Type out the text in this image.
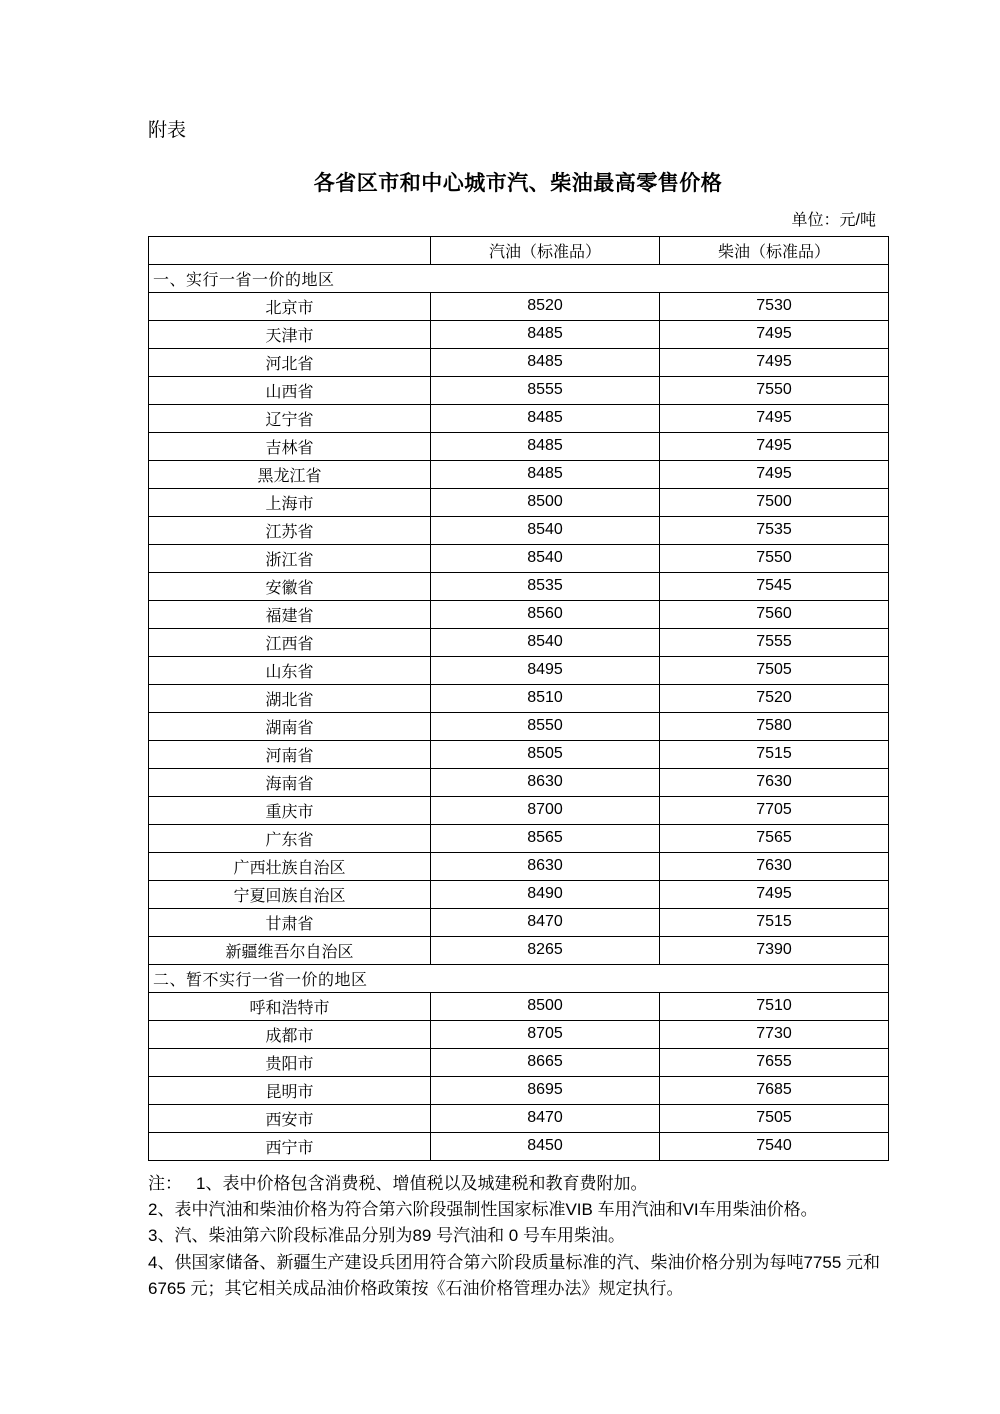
附表
各省区市和中心城市汽、柴油最高零售价格
单位：元/吨
	汽油（标准品）	柴油（标准品）
一、实行一省一价的地区		
北京市	8520	7530
天津市	8485	7495
河北省	8485	7495
山西省	8555	7550
辽宁省	8485	7495
吉林省	8485	7495
黑龙江省	8485	7495
上海市	8500	7500
江苏省	8540	7535
浙江省	8540	7550
安徽省	8535	7545
福建省	8560	7560
江西省	8540	7555
山东省	8495	7505
湖北省	8510	7520
湖南省	8550	7580
河南省	8505	7515
海南省	8630	7630
重庆市	8700	7705
广东省	8565	7565
广西壮族自治区	8630	7630
宁夏回族自治区	8490	7495
甘肃省	8470	7515
新疆维吾尔自治区	8265	7390
二、暂不实行一省一价的地区		
呼和浩特市	8500	7510
成都市	8705	7730
贵阳市	8665	7655
昆明市	8695	7685
西安市	8470	7505
西宁市	8450	7540
注： 1、表中价格包含消费税、增值税以及城建税和教育费附加。

2、表中汽油和柴油价格为符合第六阶段强制性国家标准VIB 车用汽油和VI车用柴油价格。

3、汽、柴油第六阶段标准品分别为89 号汽油和 0 号车用柴油。

4、供国家储备、新疆生产建设兵团用符合第六阶段质量标准的汽、柴油价格分别为每吨7755 元和 6765 元；其它相关成品油价格政策按《石油价格管理办法》规定执行。
